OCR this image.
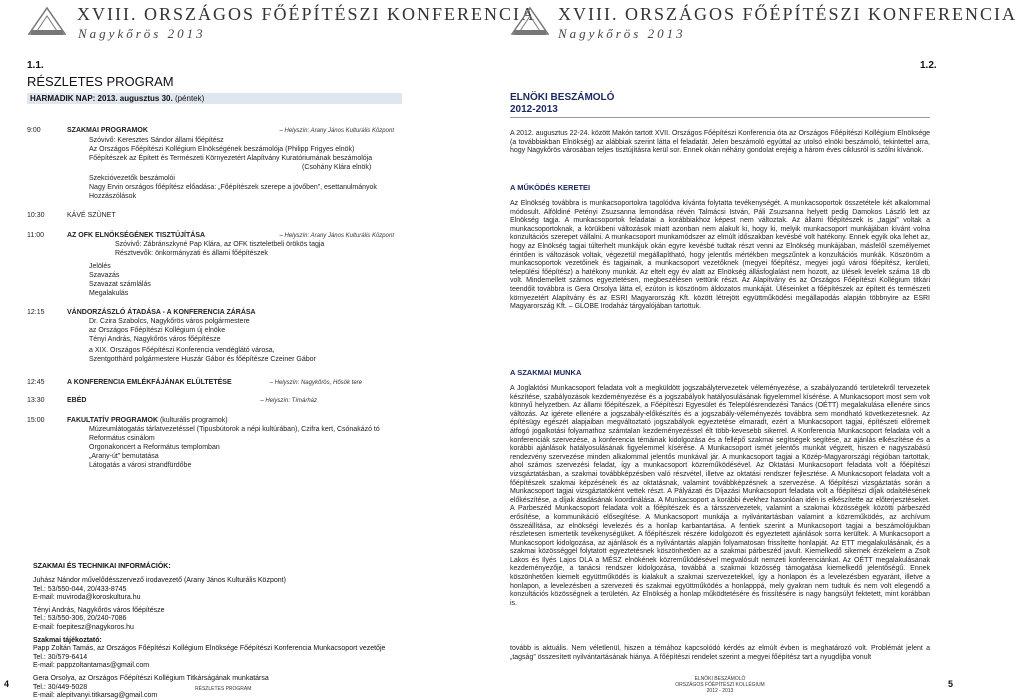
XVIII. ORSZÁGOS FŐÉPÍTÉSZI KONFERENCIA
Nagykőrös 2013
1.1.
RÉSZLETES PROGRAM
HARMADIK NAP: 2013. augusztus 30. (péntek)
9:00	SZAKMAI PROGRAMOK	– Helyszín: Arany János Kulturális Központ
Szóvivő: Keresztes Sándor állami főépítész
Az Országos Főépítészi Kollégium Elnökségének beszámolója (Philipp Frigyes elnök)
Főépítészek az Épített és Természeti Környezetért Alapítvány Kuratóriumának beszámolója
(Csohány Klára elnök)
Szekcióvezetők beszámolói
Nagy Ervin országos főépítész előadása: „Főépítészek szerepe a jövőben”, esettanulmányok
Hozzászólások
10:30	KÁVÉ SZÜNET
11:00	AZ OFK ELNÖKSÉGÉNEK TISZTÚJÍTÁSA	– Helyszín: Arany János Kulturális Központ
Szóvivő: Zábránszkyné Pap Klára, az OFK tiszteletbeli örökös tagja
Résztvevők: önkormányzati és állami főépítészek
Jelölés
Szavazás
Szavazat számlálás
Megalakulás
12:15	VÁNDORZÁSZLÓ ÁTADÁSA - A KONFERENCIA ZÁRÁSA
Dr. Czira Szabolcs, Nagykőrös város polgármestere
az Országos Főépítészi Kollégium új elnöke
Tényi András, Nagykőrös város főépítésze
a XIX. Országos Főépítészi Konferencia vendéglátó városa,
Szentgotthárd polgármestere Huszár Gábor és főépítésze Czeiner Gábor
12:45	A KONFERENCIA EMLÉKFÁJÁNAK ELÜLTETÉSE	– Helyszín: Nagykőrös, Hősök tere
13:30	EBÉD	– Helyszín: Tímárház
15:00	FAKULTATÍV PROGRAMOK (kulturális programok)
Múzeumlátogatás tárlatvezetéssel (Tipusbútorok a népi kultúrában), Czifra kert, Csónakázó tó
Református csinálom
Orgonakoncert a Református templomban
„Arany-út” bemutatása
Látogatás a városi strandfürdőbe
SZAKMAI ÉS TECHNIKAI INFORMÁCIÓK:
Juhász Nándor művelődésszervező irodavezető (Arany János Kulturális Központ)
Tel.: 53/550-044, 20/433-8745
E-mail: muvirodа@koroskultura.hu
Tényi András, Nagykőrös város főépítésze
Tel.: 53/550-306, 20/240-7086
E-mail: foepitesz@nagykoros.hu
Szakmai tájékoztató:
Papp Zoltán Tamás, az Országos Főépítészi Kollégium Elnöksége Főépítészi Konferencia Munkacsoport vezetője
Tel.: 30/579-6414
E-mail: pappzoltantamas@gmail.com
Gera Orsolya, az Országos Főépítészi Kollégium Titkárságának munkatársa
Tel.: 30/449-5028
E-mail: alepitvanyi.titkarsag@gmail.com
4	RÉSZLETES PROGRAM
XVIII. ORSZÁGOS FŐÉPÍTÉSZI KONFERENCIA
Nagykőrös 2013
1.2.
ELNÖKI BESZÁMOLÓ
2012-2013
A 2012. augusztus 22-24. között Makón tartott XVII. Országos Főépítészi Konferencia óta az Országos Főépítészi Kollégium Elnöksége (a továbbiakban Elnökség) az alábbiak szerint látta el feladatát. Jelen beszámoló egyúttal az utolsó elnöki beszámoló, tekintettel arra, hogy Nagykőrös városában teljes tisztújításra kerül sor. Ennek okán néhány gondolat erejéig a három éves ciklusról is szólni kívánok.
A MŰKÖDÉS KERETEI
Az Elnökség továbbra is munkacsoportokra tagolódva kívánta folytatta tevékenységét. A munkacsoportok összetétele két alkalommal módosult. Alföldiné Petényi Zsuzsanna lemondása révén Talmácsi István, Páli Zsuzsanna helyett pedig Damokos László lett az Elnökség tagja. A munkacsoportok feladatai a korábbiakhoz képest nem változtak. Az állami főépítészek is „tagjai” voltak a munkacsoportoknak, a körükbeni változások miatt azonban nem alakult ki, hogy ki, melyik munkacsoport munkájában kívánt volna konzultációs szerepet vállalni. A munkacsoport munkamódszer az elmúlt időszakban kevésbé volt hatékony. Ennek egyik oka lehet az, hogy az Elnökség tagjai túlterhelt munkájuk okán egyre kevésbé tudtak részt venni az Elnökség munkájában, másfelől személyemet érintően is változások voltak, végezetül megállapítható, hogy jelentős mértékben megszűntek a konzultációs munkák. Köszönöm a munkacsoportok vezetőinek és tagjainak, a munkacsoport vezetőknek (megyei főépítész, megyei jogú városi főépítész, kerületi, települési főépítész) a hatékony munkát. Az eltelt egy év alatt az Elnökség állásfoglalást nem hozott, az ülések levelek száma 18 db volt. Mindemellett számos egyeztetésen, megbeszélésen vettünk részt. Az Alapítvány és az Országos Főépítészi Kollégium titkári teendőit továbbra is Gera Orsolya látta el, ezúton is köszönöm áldozatos munkáját. Üléseinket a főépítészek az épített és természeti környezetért Alapítvány és az ESRI Magyarország Kft. között létrejött együttműködési megállapodás alapján többnyire az ESRI Magyarország Kft. – GLOBE Irodaház tárgyalójában tartottuk.
A SZAKMAI MUNKA
A Joglaktósi Munkacsoport feladata volt a megküldött jogszabálytervezetek véleményezése, a szabályozandó területekről tervezetek készítése, szabályozások kezdeményezése és a jogszabályok hatályosulásának figyelemmel kísérése. A Munkacsoport most sem volt könnyű helyzetben. Az állami főépítészek, a Főépítészi Egyesület és Településrendezési Tanács (OÉTT) megalakulása ellenére sincs változás. Az igérete ellenére a jogszabály-előkészítés és a jogszabály-véleményezés továbbra sem mondható következetesnek. Az építésügy egészét alapjaiban megváltoztató jogszabályok egyeztetése elmaradt, ezért a Munkacsoport tagjai, építészeti előremelt átfogó jogalkotási folyamathoz számtalan kezdeményezéssel élt több-kevesebb sikerrel. A Konferencia Munkacsoport feladata volt a konferenciák szervezése, a konferencia témáinak kidolgozása és a fellépő szakmai segítségek segítése, az ajánlás elkészítése és a korábbi ajánlások hatályosulásának figyelemmel kísérése. A Munkacsoport ismét jelentős munkát végzett, hiszen e nagyszabású rendezvény szervezése minden alkalommal jelentős munkával jár. A munkacsoport tagjai a Közép-Magyarországi régióban tartottak, ahol számos szervezési feladat, így a munkacsoport közreműködésével. Az Oktatási Munkacsoport feladata volt a főépítészi vizsgáztatásban, a szakmai továbbképzésben való részvétel, illetve az oktatási rendszer fejlesztése. A Munkacsoport feladata volt a főépítészek szakmai képzésének és az oktatásnak, valamint továbbképzésnek a szervezése. A főépítészi vizsgáztatás során a Munkacsoport tagjai vizsgáztatóként vettek részt. A Pályázati és Díjazási Munkacsoport feladata volt a főépítészi díjak odaítélésének előkészítése, a díjak átadásának koordinálása. A Munkacsoport a korábbi évekhez hasonlóan idén is elkészítette az előterjesztéseket. A Parbeszéd Munkacsoport feladata volt a főépítészek és a társszervezetek, valamint a szakmai közösségek közötti párbeszéd erősítése, a kommunikáció elősegítése. A Munkacsoport munkája a nyilvántartásban valamint a közreműködés, az archívum összeállítása, az elnökségi levelezés és a honlap karbantartása. A fentiek szerint a Munkacsoport tagjai a beszámolójukban részletesen ismertetik tevékenységüket. A főépítészek részére kidolgozott és egyeztetett ajánlások sorra kerültek. A Munkacsoport a Munkacsoport kidolgozása, az ajánlások és a nyilvántartás alapján folyamatosan frissítette honlapját. Az ETT megalakulásának, és a szakmai közösséggel folytatott egyeztetésnek köszönhetően az a szakmai párbeszéd javult. Kiemelkedő sikernek érzékelem a Zsolt Lakos és Ilyés Lajos DLA a MÉSZ elnökének közreműködésével megvalósult nemzeti konferenciánkat. Az OÉTT megalakulásának kezdeményezője, a tanácsi rendszer kidolgozása, továbbá a szakmai közösség támogatása kiemelkedő jelentőségű. Ennek köszönhetően kiemelt együttműködés is kialakult a szakmai szervezetekkel, így a honlapon és a levelezésben egyaránt, illetve a honlapon, a levelezésben a szervezeti és szakmai együttműködés a honlapppá, mely gyakran nem tudtuk és nem volt elegendő a konzultációs közösségnek a területén. Az Elnökség a honlap működtetésére és frissítésére is nagy hangsúlyt fektetett, mint korábban is.
tovább is aktuális. Nem véletlenül, hiszen a témához kapcsolódó kérdés az elmúlt évben is meghatározó volt. Problémát jelent a „tagság” összesített nyilvántartásának hiánya. A főépítészi rendelet szerint a megyei főépítész tart a nyugdíjba vonult
ELNÖKI BESZÁMOLÓ
ORSZÁGOS FŐÉPÍTÉSZI KOLLÉGIUM
2012 - 2013
5
